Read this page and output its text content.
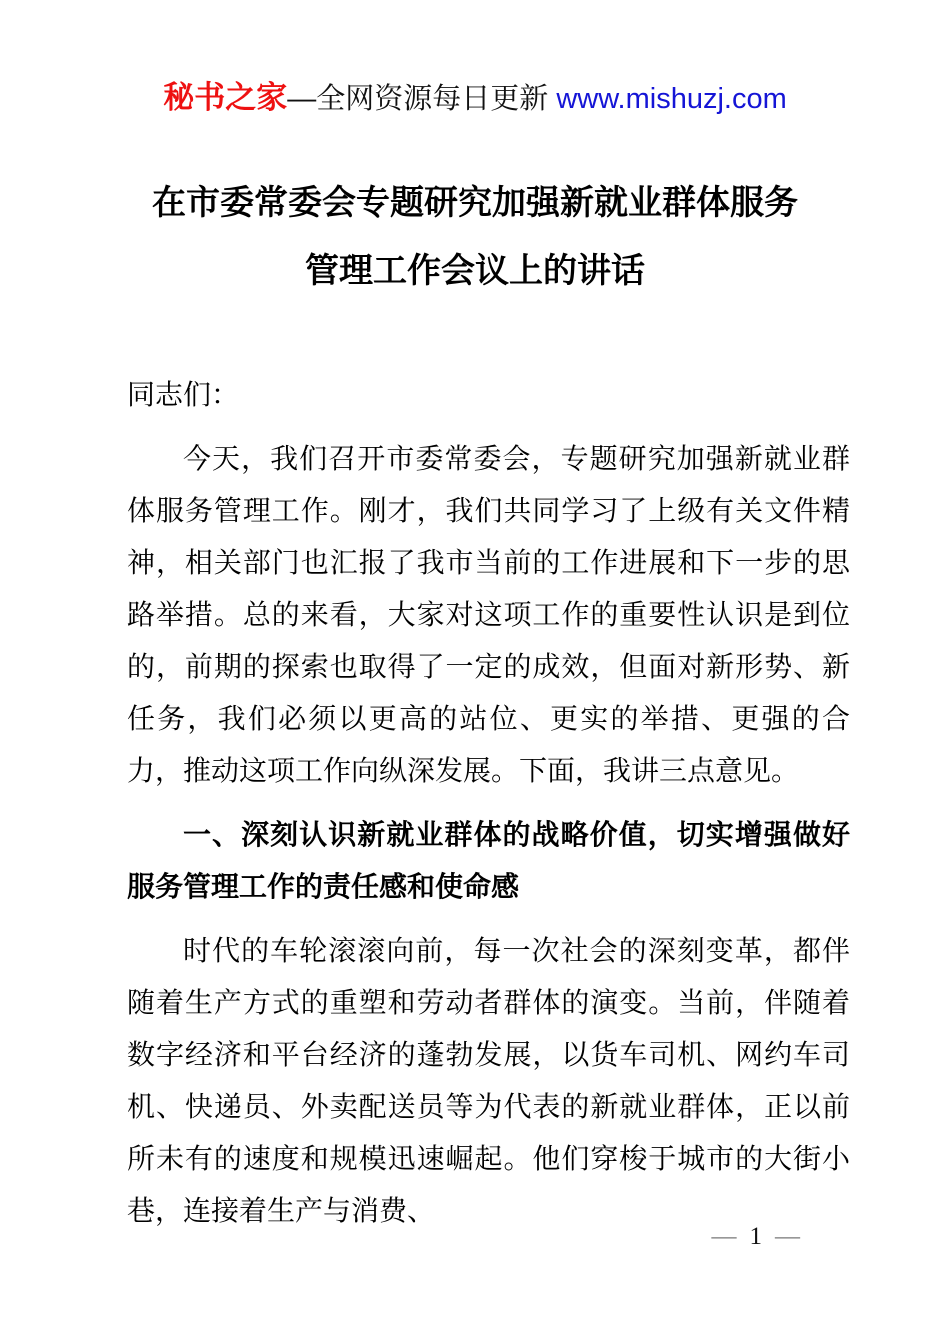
秘书之家—全网资源每日更新 www.mishuzj.com
在市委常委会专题研究加强新就业群体服务
管理工作会议上的讲话

同志们：

今天，我们召开市委常委会，专题研究加强新就业群体服务管理工作。刚才，我们共同学习了上级有关文件精神，相关部门也汇报了我市当前的工作进展和下一步的思路举措。总的来看，大家对这项工作的重要性认识是到位的，前期的探索也取得了一定的成效，但面对新形势、新任务，我们必须以更高的站位、更实的举措、更强的合力，推动这项工作向纵深发展。下面，我讲三点意见。

一、深刻认识新就业群体的战略价值，切实增强做好服务管理工作的责任感和使命感

时代的车轮滚滚向前，每一次社会的深刻变革，都伴随着生产方式的重塑和劳动者群体的演变。当前，伴随着数字经济和平台经济的蓬勃发展，以货车司机、网约车司机、快递员、外卖配送员等为代表的新就业群体，正以前所未有的速度和规模迅速崛起。他们穿梭于城市的大街小巷，连接着生产与消费、

— 1 —
